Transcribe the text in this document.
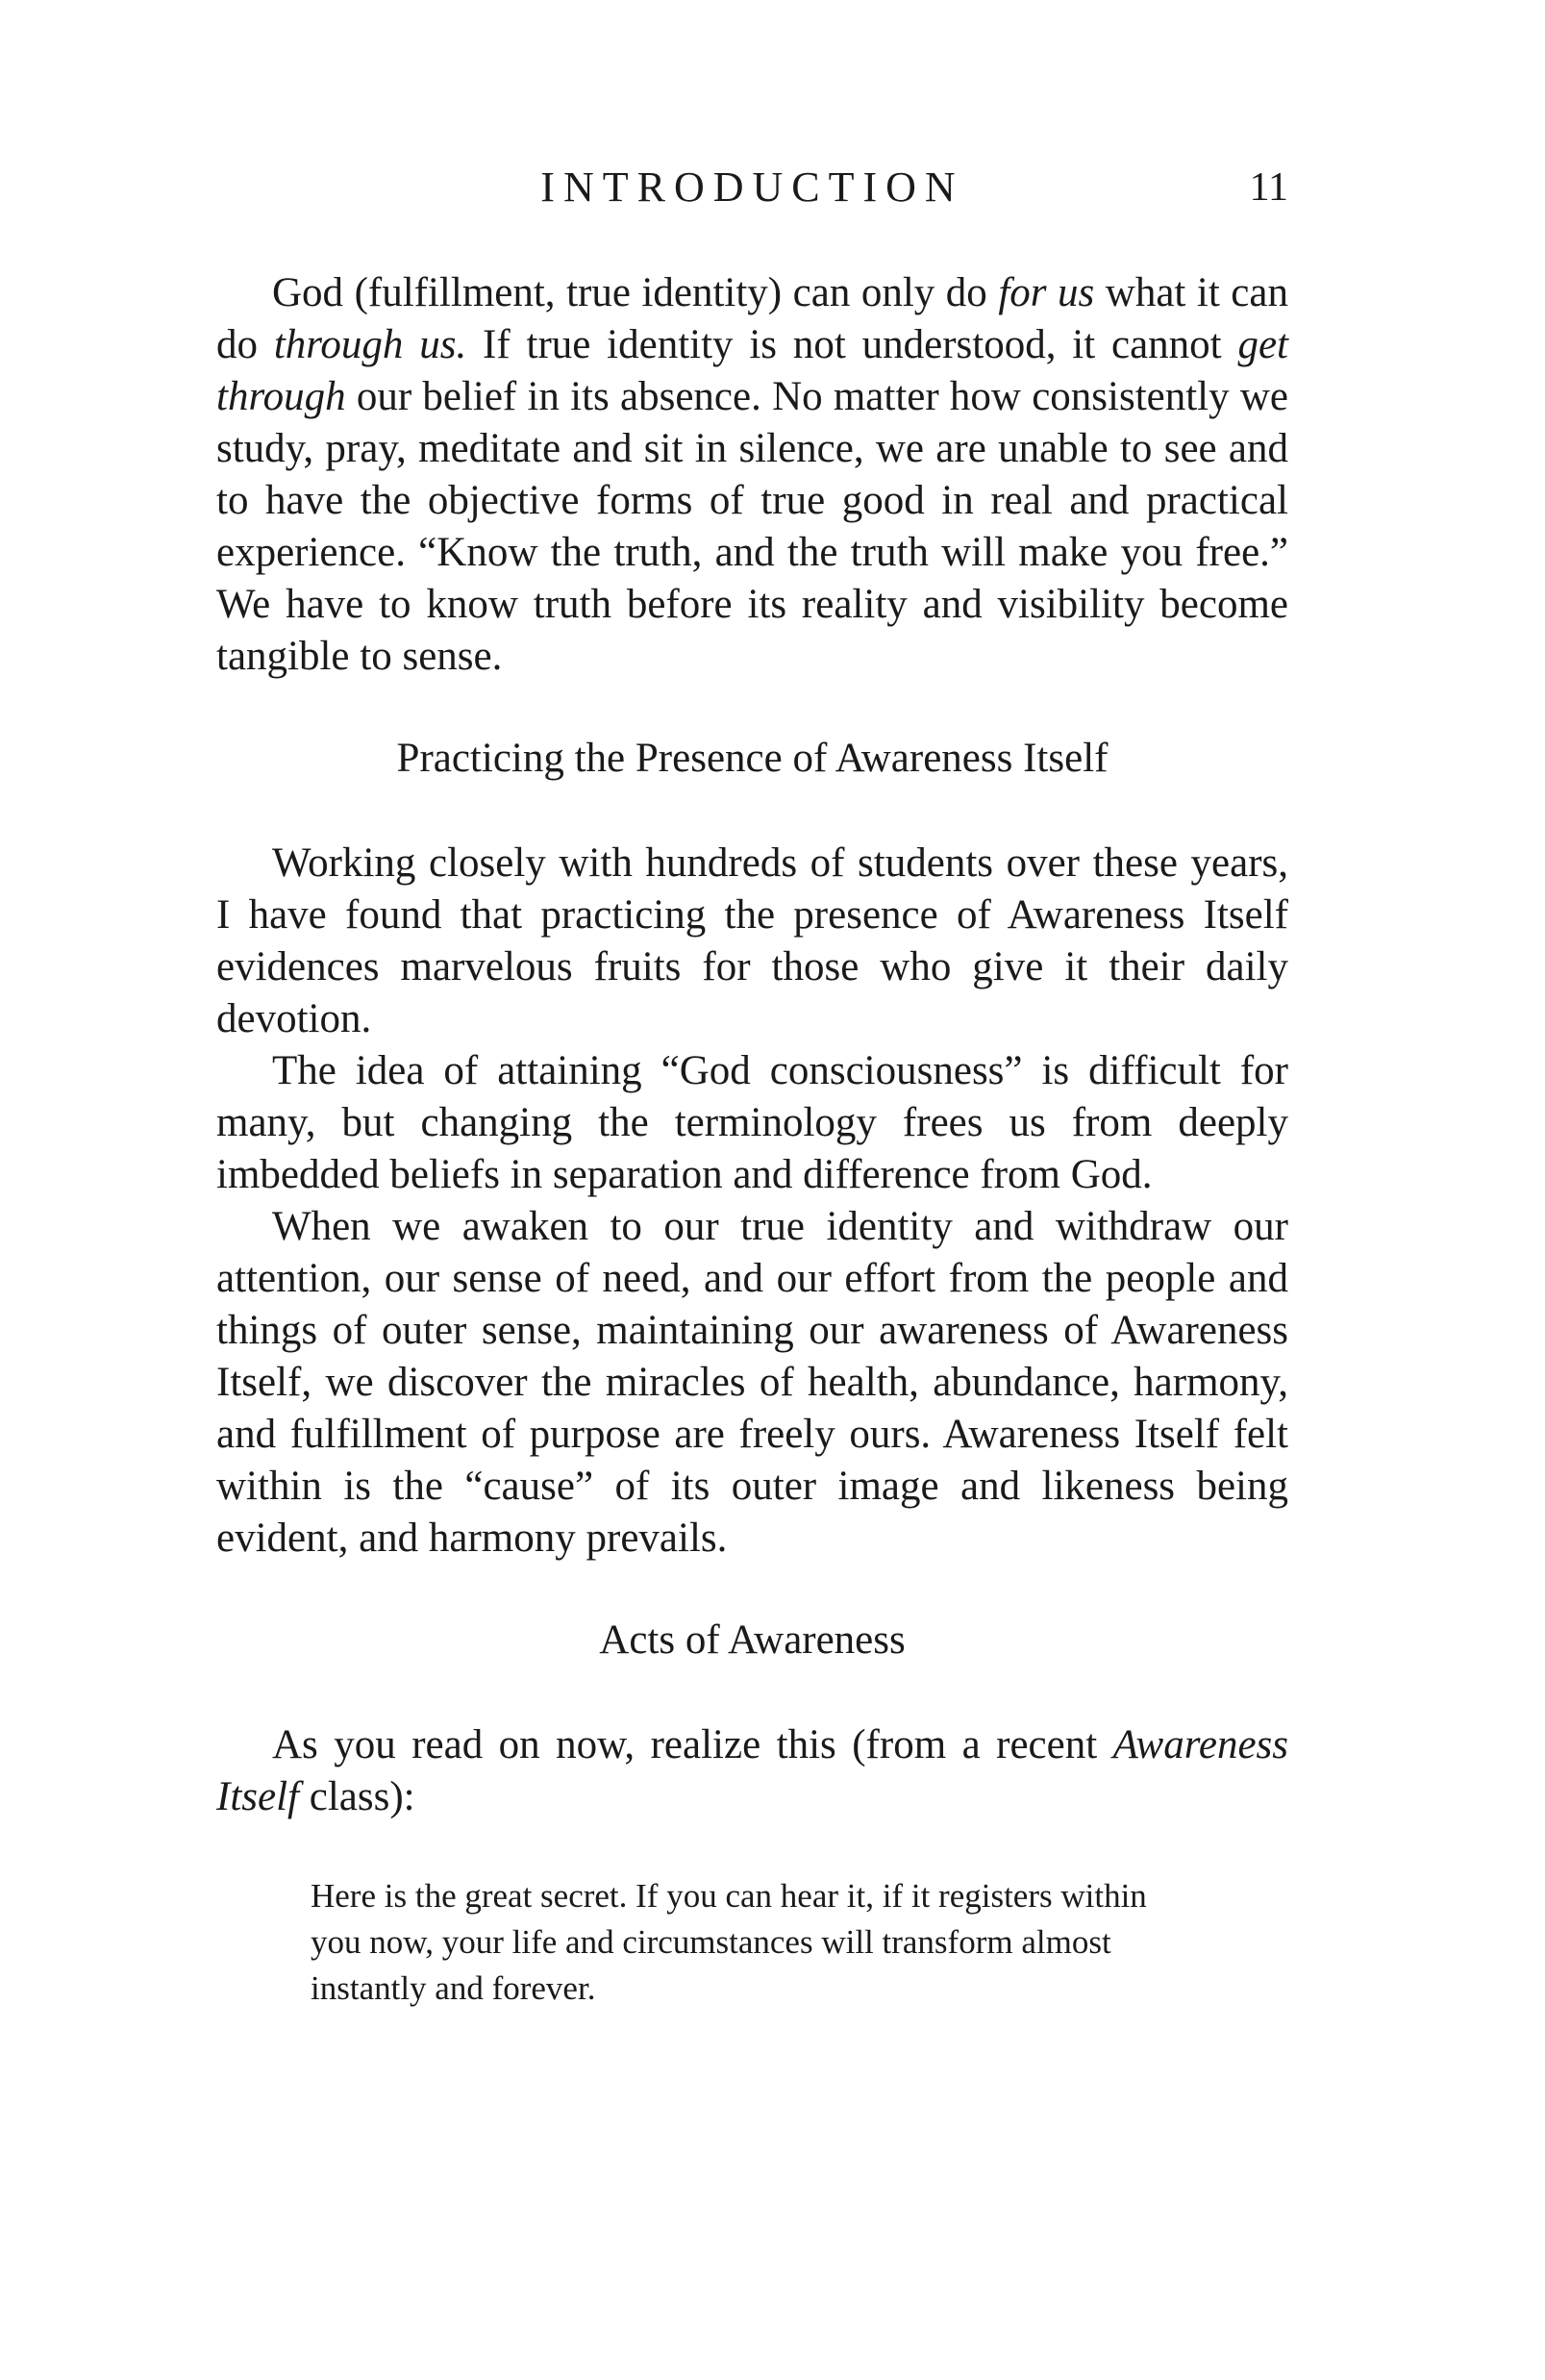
INTRODUCTION	11

God (fulfillment, true identity) can only do for us what it can do through us. If true identity is not understood, it cannot get through our belief in its absence. No matter how consistently we study, pray, meditate and sit in silence, we are unable to see and to have the objective forms of true good in real and practical experience. “Know the truth, and the truth will make you free.” We have to know truth before its reality and visibility become tangible to sense.

Practicing the Presence of Awareness Itself

Working closely with hundreds of students over these years, I have found that practicing the presence of Awareness Itself evidences marvelous fruits for those who give it their daily devotion.

The idea of attaining “God consciousness” is difficult for many, but changing the terminology frees us from deeply imbedded beliefs in separation and difference from God.

When we awaken to our true identity and withdraw our attention, our sense of need, and our effort from the people and things of outer sense, maintaining our awareness of Awareness Itself, we discover the miracles of health, abundance, harmony, and fulfillment of purpose are freely ours. Awareness Itself felt within is the “cause” of its outer image and likeness being evident, and harmony prevails.

Acts of Awareness

As you read on now, realize this (from a recent Awareness Itself class):

Here is the great secret. If you can hear it, if it registers within you now, your life and circumstances will transform almost instantly and forever.
